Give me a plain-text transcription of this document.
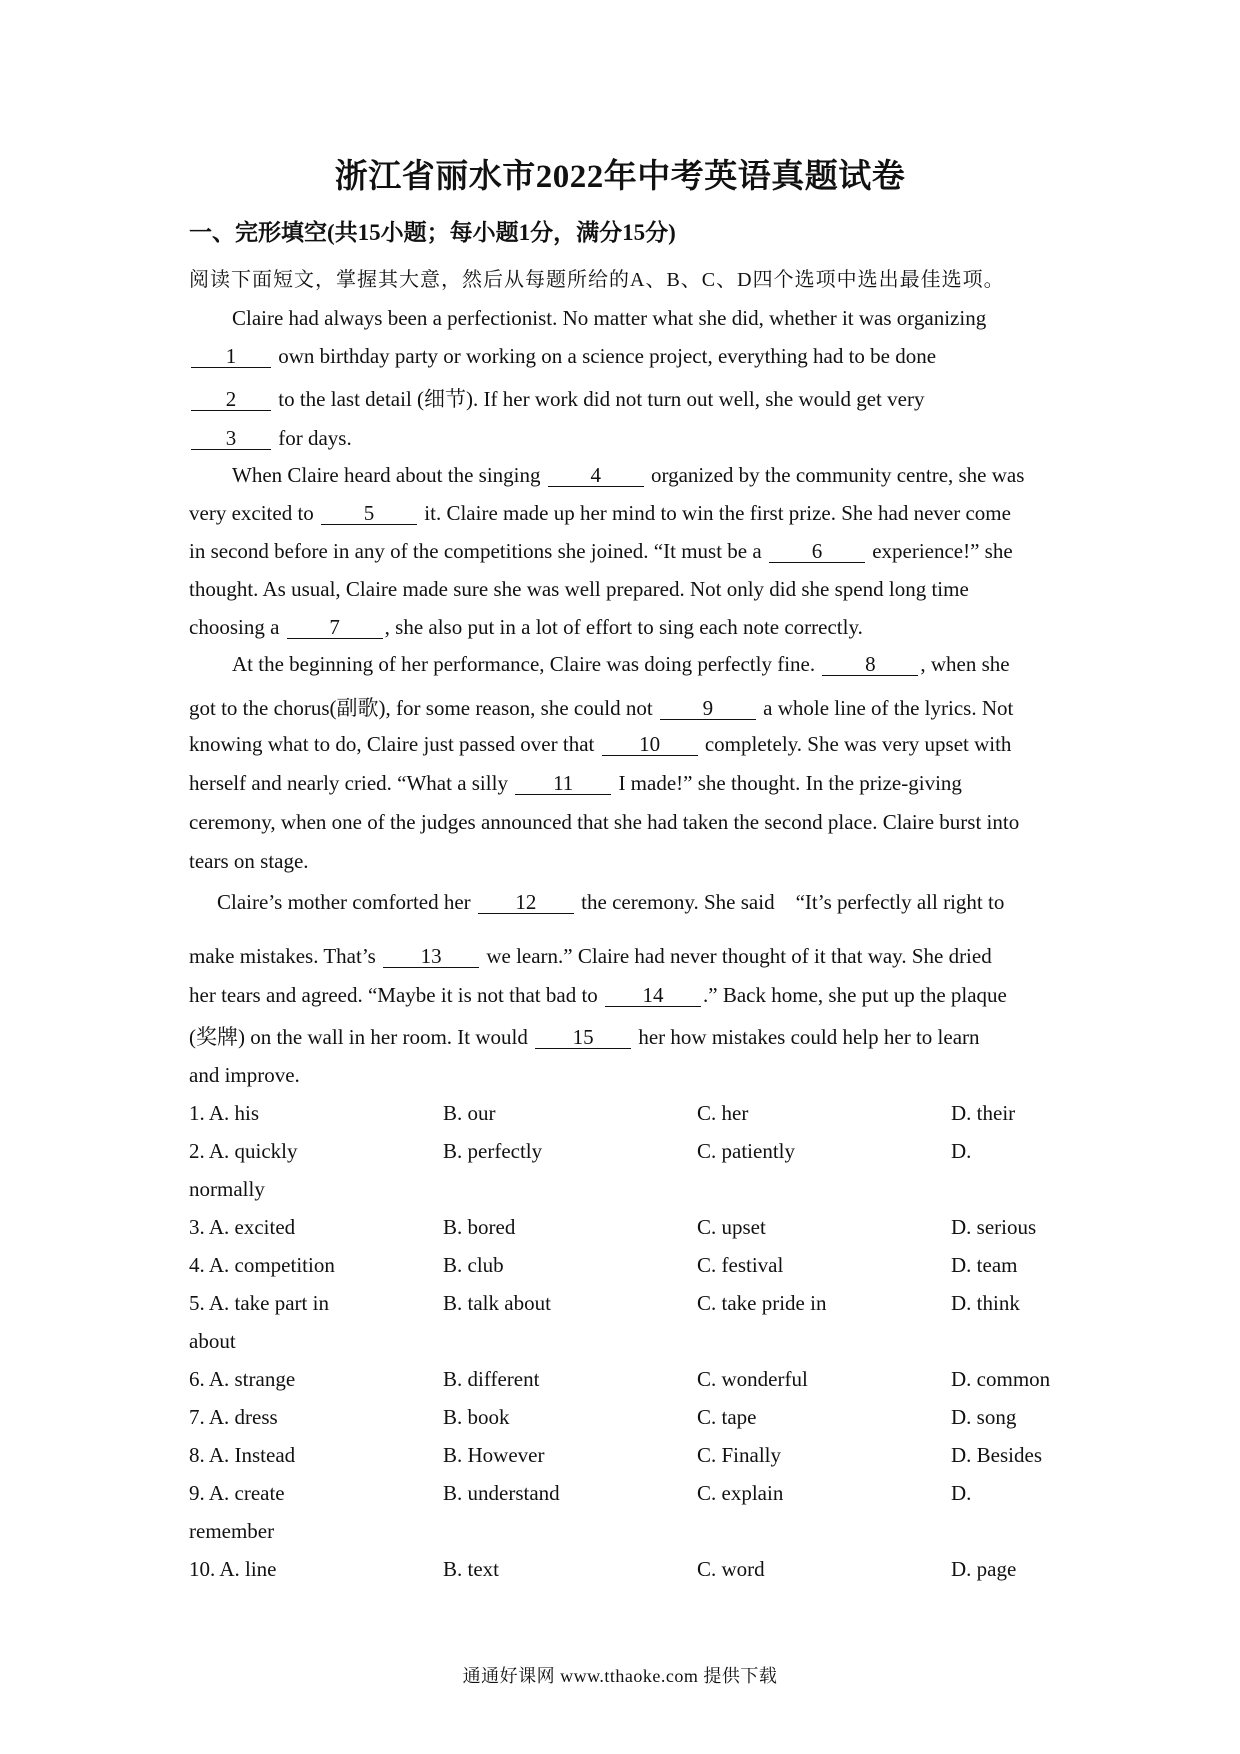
浙江省丽水市2022年中考英语真题试卷
一、完形填空(共15小题；每小题1分，满分15分)
阅读下面短文，掌握其大意，然后从每题所给的A、B、C、D四个选项中选出最佳选项。
Claire had always been a perfectionist. No matter what she did, whether it was organizing
1 own birthday party or working on a science project, everything had to be done
2 to the last detail (细节). If her work did not turn out well, she would get very
3 for days.
When Claire heard about the singing 4 organized by the community centre, she was
very excited to 5 it. Claire made up her mind to win the first prize. She had never come
in second before in any of the competitions she joined. “It must be a 6 experience!” she
thought. As usual, Claire made sure she was well prepared. Not only did she spend long time
choosing a 7 , she also put in a lot of effort to sing each note correctly.
At the beginning of her performance, Claire was doing perfectly fine. 8 , when she
got to the chorus(副歌), for some reason, she could not 9 a whole line of the lyrics. Not
knowing what to do, Claire just passed over that 10 completely. She was very upset with
herself and nearly cried. “What a silly 11 I made!” she thought. In the prize-giving
ceremony, when one of the judges announced that she had taken the second place. Claire burst into
tears on stage.
Claire’s mother comforted her 12 the ceremony. She said　“It’s perfectly all right to
make mistakes. That’s 13 we learn.” Claire had never thought of it that way. She dried
her tears and agreed. “Maybe it is not that bad to 14 .” Back home, she put up the plaque
(奖牌) on the wall in her room. It would 15 her how mistakes could help her to learn
and improve.
1. A. his	B. our	C. her	D. their
2. A. quickly	B. perfectly	C. patiently	D.
normally
3. A. excited	B. bored	C. upset	D. serious
4. A. competition	B. club	C. festival	D. team
5. A. take part in	B. talk about	C. take pride in	D. think
about
6. A. strange	B. different	C. wonderful	D. common
7. A. dress	B. book	C. tape	D. song
8. A. Instead	B. However	C. Finally	D. Besides
9. A. create	B. understand	C. explain	D.
remember
10. A. line	B. text	C. word	D. page
通通好课网 www.tthaoke.com 提供下载
